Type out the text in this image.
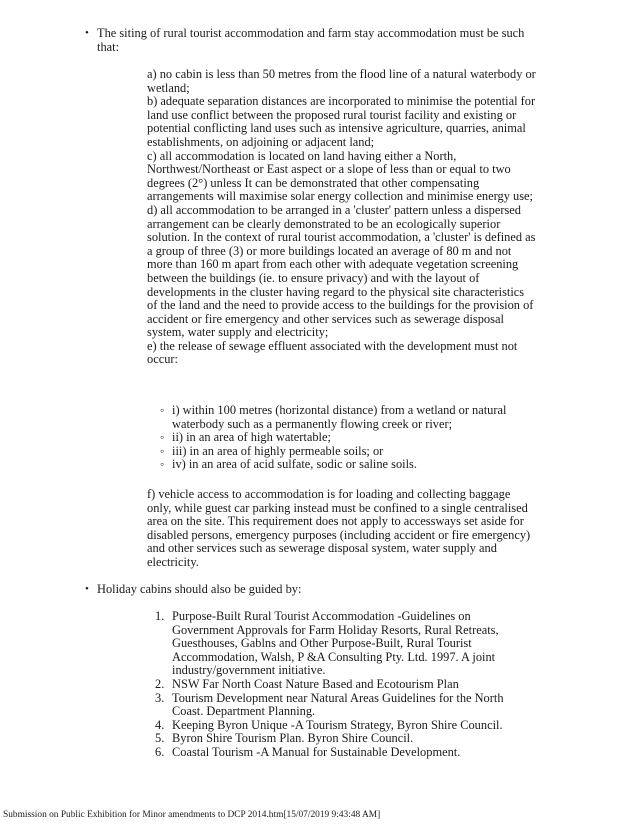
• The siting of rural tourist accommodation and farm stay accommodation must be such that:

a) no cabin is less than 50 metres from the flood line of a natural waterbody or wetland;

b) adequate separation distances are incorporated to minimise the potential for land use conflict between the proposed rural tourist facility and existing or potential conflicting land uses such as intensive agriculture, quarries, animal establishments, on adjoining or adjacent land;

c) all accommodation is located on land having either a North, Northwest/Northeast or East aspect or a slope of less than or equal to two degrees (2°) unless It can be demonstrated that other compensating arrangements will maximise solar energy collection and minimise energy use;

d) all accommodation to be arranged in a 'cluster' pattern unless a dispersed arrangement can be clearly demonstrated to be an ecologically superior solution. In the context of rural tourist accommodation, a 'cluster' is defined as a group of three (3) or more buildings located an average of 80 m and not more than 160 m apart from each other with adequate vegetation screening between the buildings (ie. to ensure privacy) and with the layout of developments in the cluster having regard to the physical site characteristics of the land and the need to provide access to the buildings for the provision of accident or fire emergency and other services such as sewerage disposal system, water supply and electricity;

e) the release of sewage effluent associated with the development must not occur:

◦ i) within 100 metres (horizontal distance) from a wetland or natural waterbody such as a permanently flowing creek or river;
◦ ii) in an area of high watertable;
◦ iii) in an area of highly permeable soils; or
◦ iv) in an area of acid sulfate, sodic or saline soils.

f) vehicle access to accommodation is for loading and collecting baggage only, while guest car parking instead must be confined to a single centralised area on the site. This requirement does not apply to accessways set aside for disabled persons, emergency purposes (including accident or fire emergency) and other services such as sewerage disposal system, water supply and electricity.

• Holiday cabins should also be guided by:
1. Purpose-Built Rural Tourist Accommodation -Guidelines on Government Approvals for Farm Holiday Resorts, Rural Retreats, Guesthouses, Gablns and Other Purpose-Built, Rural Tourist Accommodation, Walsh, P &A Consulting Pty. Ltd. 1997. A joint industry/government initiative.
2. NSW Far North Coast Nature Based and Ecotourism Plan
3. Tourism Development near Natural Areas Guidelines for the North Coast. Department Planning.
4. Keeping Byron Unique -A Tourism Strategy, Byron Shire Council.
5. Byron Shire Tourism Plan. Byron Shire Council.
6. Coastal Tourism -A Manual for Sustainable Development.
Submission on Public Exhibition for Minor amendments to DCP 2014.htm[15/07/2019 9:43:48 AM]
